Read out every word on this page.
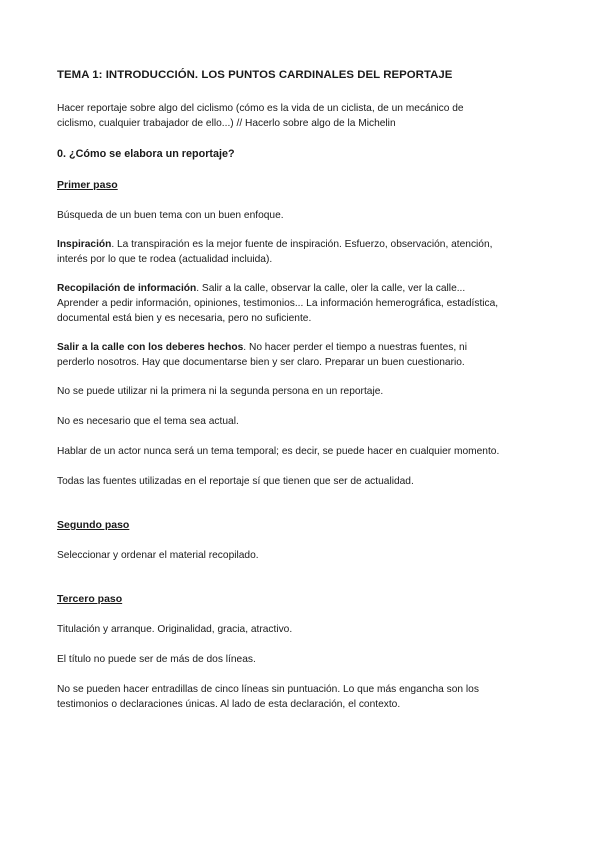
TEMA 1: INTRODUCCIÓN. LOS PUNTOS CARDINALES DEL REPORTAJE

Hacer reportaje sobre algo del ciclismo (cómo es la vida de un ciclista, de un mecánico de
ciclismo, cualquier trabajador de ello...) // Hacerlo sobre algo de la Michelin

0. ¿Cómo se elabora un reportaje?

Primer paso

Búsqueda de un buen tema con un buen enfoque.

Inspiración. La transpiración es la mejor fuente de inspiración. Esfuerzo, observación, atención,
interés por lo que te rodea (actualidad incluida).

Recopilación de información. Salir a la calle, observar la calle, oler la calle, ver la calle...
Aprender a pedir información, opiniones, testimonios... La información hemerográfica, estadística,
documental está bien y es necesaria, pero no suficiente.

Salir a la calle con los deberes hechos. No hacer perder el tiempo a nuestras fuentes, ni
perderlo nosotros. Hay que documentarse bien y ser claro. Preparar un buen cuestionario.

No se puede utilizar ni la primera ni la segunda persona en un reportaje.

No es necesario que el tema sea actual.

Hablar de un actor nunca será un tema temporal; es decir, se puede hacer en cualquier momento.

Todas las fuentes utilizadas en el reportaje sí que tienen que ser de actualidad.

Segundo paso

Seleccionar y ordenar el material recopilado.

Tercero paso

Titulación y arranque. Originalidad, gracia, atractivo.

El título no puede ser de más de dos líneas.

No se pueden hacer entradillas de cinco líneas sin puntuación. Lo que más engancha son los
testimonios o declaraciones únicas. Al lado de esta declaración, el contexto.
